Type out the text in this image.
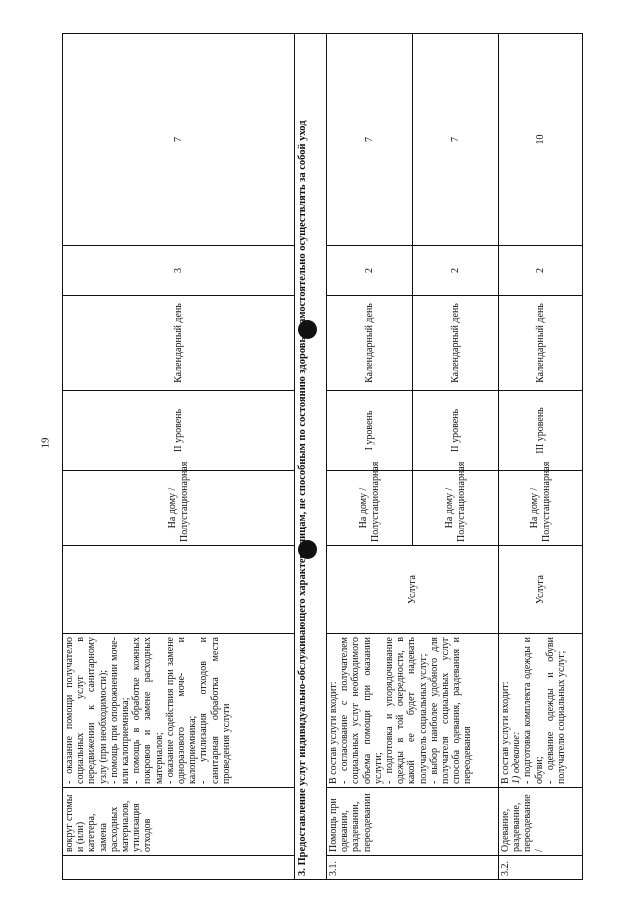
19
	вокруг стомы и (или) катетера, замена расходных материалов, утилизация отходов	- оказание помощи получателю социальных услуг в передвижении к санитарному узлу (при необходимости); - помощь при опорожнении моче- или калоприемника; - помощь в обработке кожных покровов и замене расходных материалов; - оказание содействия при замене одноразового моче- и калоприемника; - утилизация отходов и санитарная обработка места проведения услуги		На дому / Полустационарная	II уровень	Календарный день	3	7
3. Предоставление услуг индивидуально-обслуживающего характера лицам, не способным по состоянию здоровья самостоятельно осуществлять за собой уход								
3.1.	Помощь при одевании, раздевании, переодевании	В состав услуги входит: - согласование с получателем социальных услуг необходимого объема помощи при оказании услуги; - подготовка и упорядочивание одежды в той очередности, в какой ее будет надевать получатель социальных услуг; - выбор наиболее удобного для получателя социальных услуг способа одевания, раздевания и переодевания	Услуга	На дому / Полустационарная	I уровень	Календарный день	2	7
				На дому / Полустационарная	II уровень	Календарный день	2	7
3.2.	Одевание, раздевание, переодевание /	В состав услуги входит: 1) одевание: - подготовка комплекта одежды и обуви; - одевание одежды и обуви получателю социальных услуг;	Услуга	На дому / Полустационарная	III уровень	Календарный день	2	10
